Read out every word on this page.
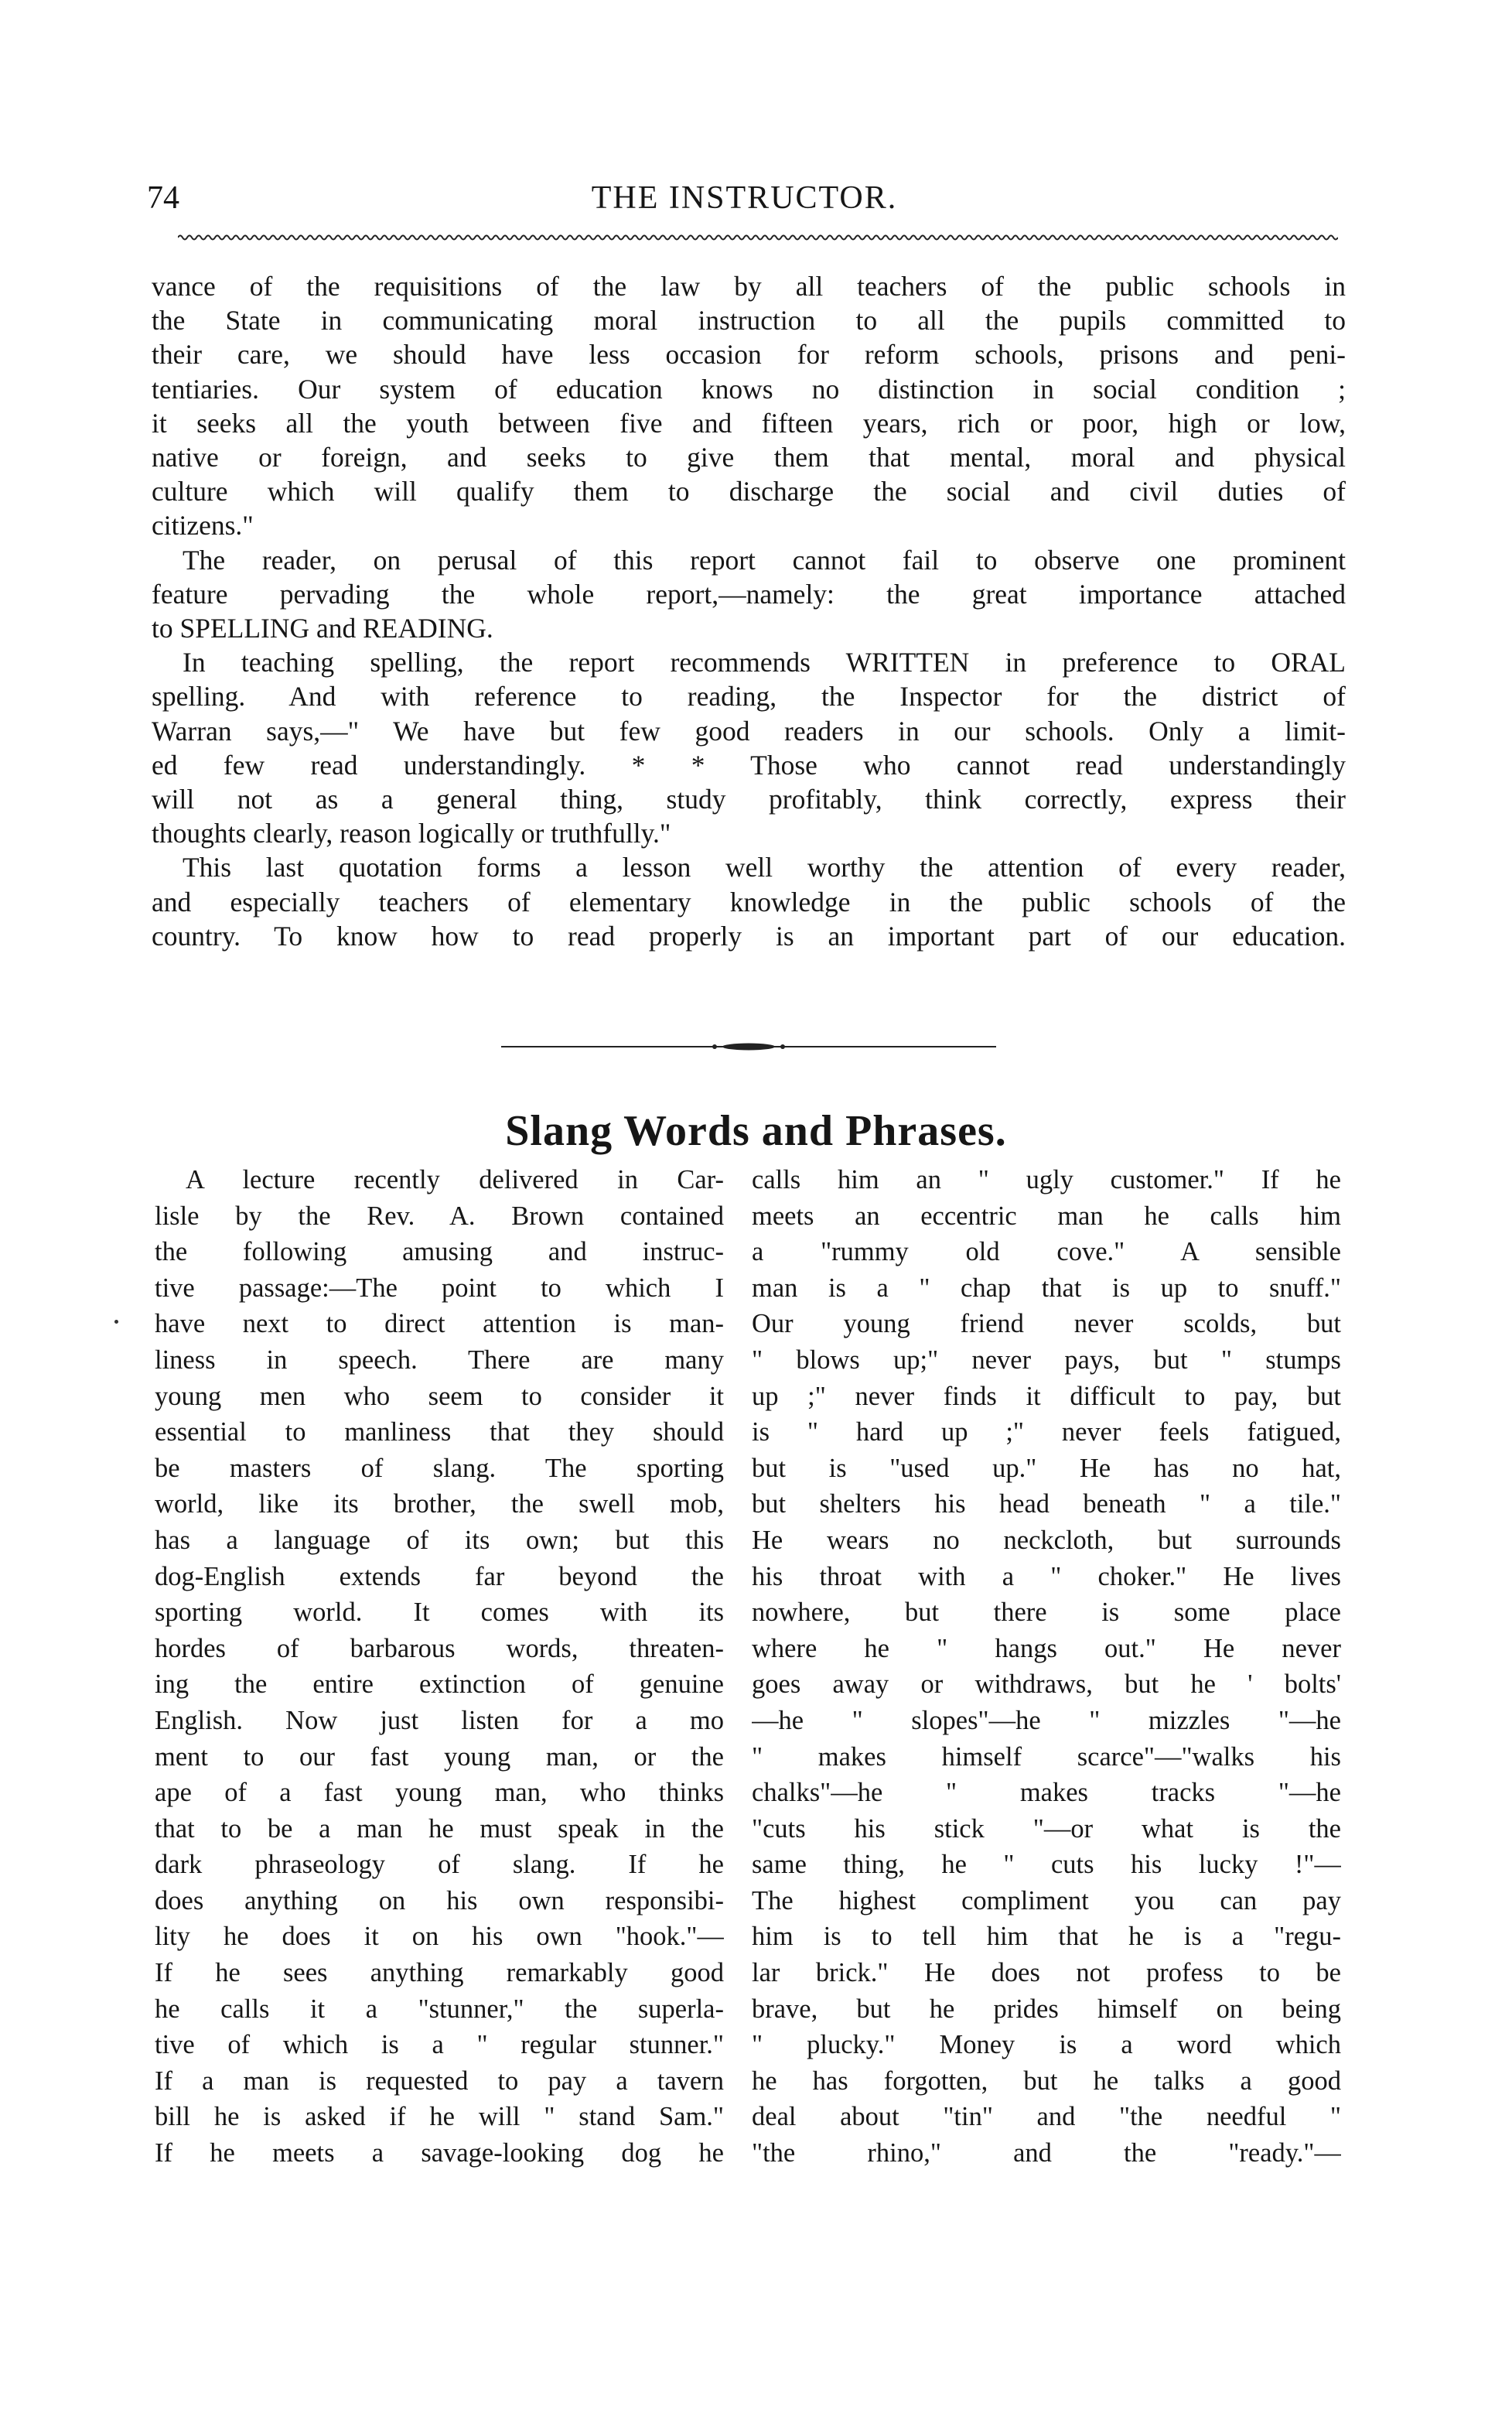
74	THE INSTRUCTOR.

vance of the requisitions of the law by all teachers of the public schools in

the State in communicating moral instruction to all the pupils committed to

their care, we should have less occasion for reform schools, prisons and peni-

tentiaries. Our system of education knows no distinction in social condition ;

it seeks all the youth between five and fifteen years, rich or poor, high or low,

native or foreign, and seeks to give them that mental, moral and physical

culture which will qualify them to discharge the social and civil duties of

citizens."

The reader, on perusal of this report cannot fail to observe one prominent

feature pervading the whole report,—namely: the great importance attached

to SPELLING and READING.

In teaching spelling, the report recommends WRITTEN in preference to ORAL

spelling. And with reference to reading, the Inspector for the district of

Warran says,—" We have but few good readers in our schools. Only a limit-

ed few read understandingly. * * Those who cannot read understandingly

will not as a general thing, study profitably, think correctly, express their

thoughts clearly, reason logically or truthfully."

This last quotation forms a lesson well worthy the attention of every reader,

and especially teachers of elementary knowledge in the public schools of the

country. To know how to read properly is an important part of our education.

Slang Words and Phrases.

A lecture recently delivered in Car-

lisle by the Rev. A. Brown contained

the following amusing and instruc-

tive passage:—The point to which I

have next to direct attention is man-

liness in speech. There are many

young men who seem to consider it

essential to manliness that they should

be masters of slang. The sporting

world, like its brother, the swell mob,

has a language of its own; but this

dog-English extends far beyond the

sporting world. It comes with its

hordes of barbarous words, threaten-

ing the entire extinction of genuine

English. Now just listen for a mo

ment to our fast young man, or the

ape of a fast young man, who thinks

that to be a man he must speak in the

dark phraseology of slang. If he

does anything on his own responsibi-

lity he does it on his own "hook."—

If he sees anything remarkably good

he calls it a "stunner," the superla-

tive of which is a " regular stunner."

If a man is requested to pay a tavern

bill he is asked if he will " stand Sam."

If he meets a savage-looking dog he

calls him an " ugly customer." If he

meets an eccentric man he calls him

a "rummy old cove." A sensible

man is a " chap that is up to snuff."

Our young friend never scolds, but

" blows up;" never pays, but " stumps

up ;" never finds it difficult to pay, but

is " hard up ;" never feels fatigued,

but is "used up." He has no hat,

but shelters his head beneath " a tile."

He wears no neckcloth, but surrounds

his throat with a " choker." He lives

nowhere, but there is some place

where he " hangs out." He never

goes away or withdraws, but he ' bolts'

—he " slopes"—he " mizzles "—he

" makes himself scarce"—"walks his

chalks"—he " makes tracks "—he

"cuts his stick "—or what is the

same thing, he " cuts his lucky !"—

The highest compliment you can pay

him is to tell him that he is a "regu-

lar brick." He does not profess to be

brave, but he prides himself on being

" plucky." Money is a word which

he has forgotten, but he talks a good

deal about "tin" and "the needful "

"the rhino," and the "ready."—
